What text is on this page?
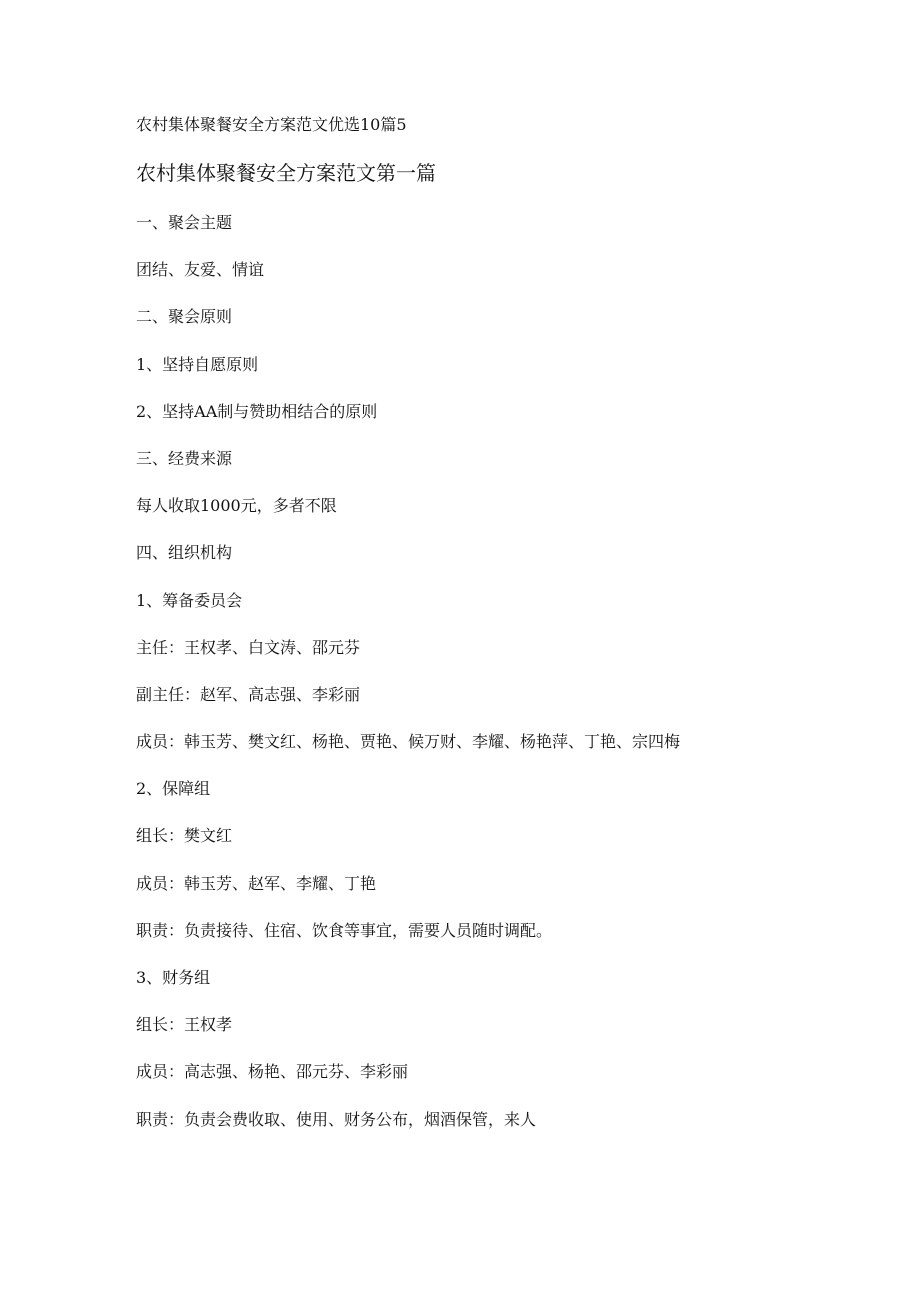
农村集体聚餐安全方案范文优选10篇5
农村集体聚餐安全方案范文第一篇
一、聚会主题
团结、友爱、情谊
二、聚会原则
1、坚持自愿原则
2、坚持AA制与赞助相结合的原则
三、经费来源
每人收取1000元，多者不限
四、组织机构
1、筹备委员会
主任：王权孝、白文涛、邵元芬
副主任：赵军、高志强、李彩丽
成员：韩玉芳、樊文红、杨艳、贾艳、候万财、李耀、杨艳萍、丁艳、宗四梅
2、保障组
组长：樊文红
成员：韩玉芳、赵军、李耀、丁艳
职责：负责接待、住宿、饮食等事宜，需要人员随时调配。
3、财务组
组长：王权孝
成员：高志强、杨艳、邵元芬、李彩丽
职责：负责会费收取、使用、财务公布，烟酒保管，来人
